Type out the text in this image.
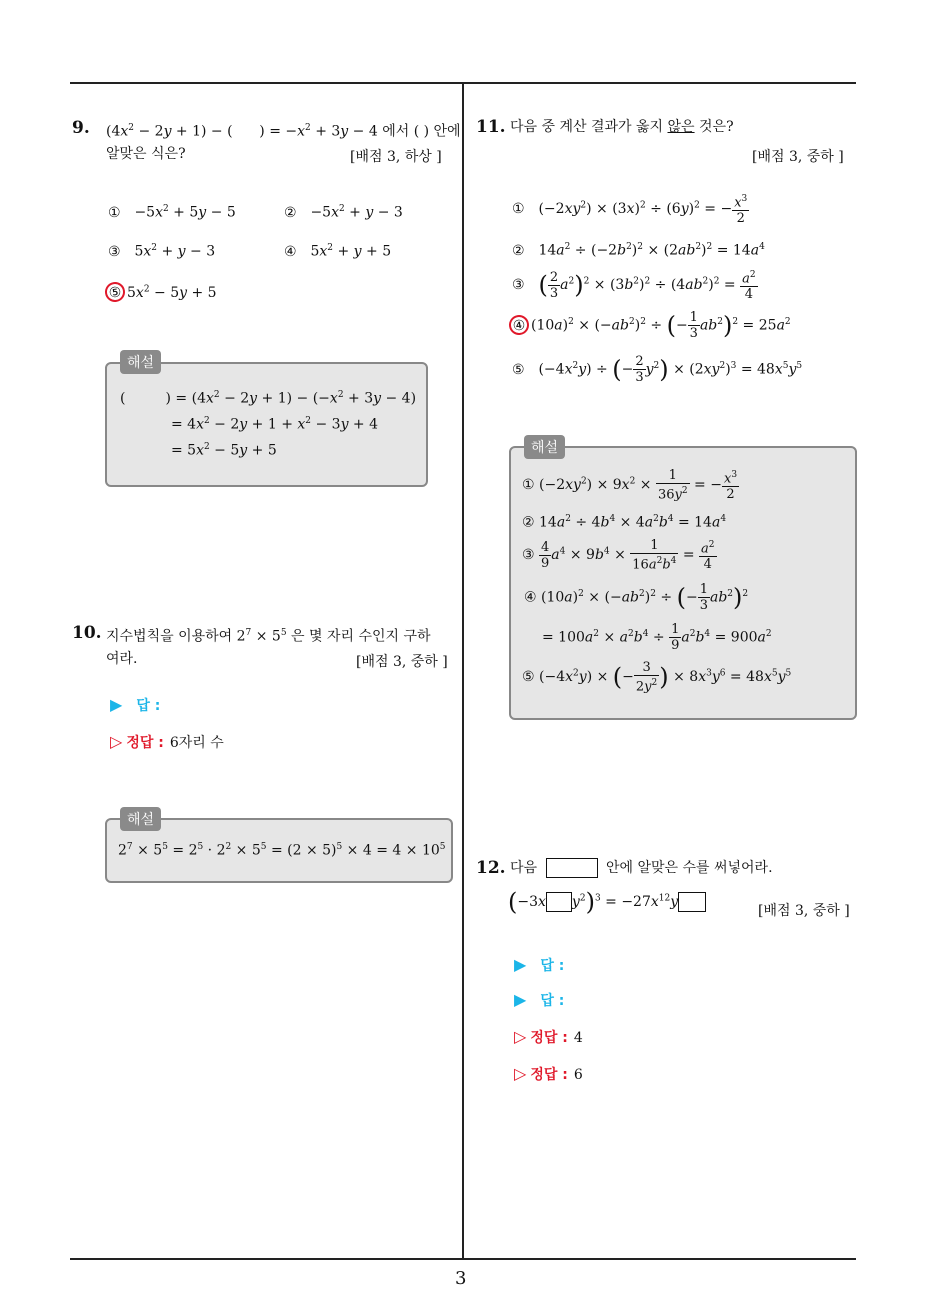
3
9. $(4x^2 - 2y + 1)$ − (      ) = $-x^2 + 3y - 4$ 에서 ( ) 안에
알맞은 식은?	[배점 3, 하상 ]
① $-5x^2 + 5y - 5$	② $-5x^2 + y - 3$
③ $5x^2 + y - 3$	④ $5x^2 + y + 5$
⑤ $5x^2 - 5y + 5$
해설
(         ) = $(4x^2 - 2y + 1) - (-x^2 + 3y - 4)$
= $4x^2 - 2y + 1 + x^2 - 3y + 4$
= $5x^2 - 5y + 5$
10. 지수법칙을 이용하여 $2^7 \times 5^5$ 은 몇 자리 수인지 구하
여라.	[배점 3, 중하 ]
▶ 답 :
▷ 정답 : 6자리 수
해설
$2^7 \times 5^5 = 2^5 \cdot 2^2 \times 5^5 = (2 \times 5)^5 \times 4 = 4 \times 10^5$
11. 다음 중 계산 결과가 옳지 않은 것은?
[배점 3, 중하 ]
① $(-2xy^2) \times (3x)^2 \div (6y)^2$ = − $\frac{x^3}{2}$
② $14a^2 \div (-2b^2)^2 \times (2ab^2)^2 = 14a^4$
③ ( $\frac{2}{3} a^2)^2 \times (3b^2)^2 \div (4ab^2)^2 = \frac{a^2}{4}$
④ $(10a)^2 \times (-ab^2)^2$ ÷ (− $\frac{1}{3} ab^2)^2 = 25a^2$
⑤ $(-4x^2y)$ ÷ (− $\frac{2}{3} y^2) \times (2xy^2)^3 = 48x^5y^5$
해설
① $(-2xy^2) \times 9x^2 \times \frac{1}{36y^2}$ = − $\frac{x^3}{2}$
② $14a^2 \div 4b^4 \times 4a^2b^4 = 14a^4$
③ $\frac{4}{9} a^4 \times 9b^4 \times \frac{1}{16a^2b^4} = \frac{a^2}{4}$
④ $(10a)^2 \times (-ab^2)^2$ ÷ (− $\frac{1}{3} ab^2)^2$
= $100a^2 \times a^2b^4 \div \frac{1}{9} a^2b^4 = 900a^2$
⑤ $(-4x^2y)$ × (− $\frac{3}{2y^2}$ ) × $8x^3y^6 = 48x^5y^5$
12. 다음	안에 알맞은 수를 써넣어라.
(−3x $y^2)^3 = -27x^{12}y$
[배점 3, 중하 ]
▶ 답 :
▶ 답 :
▷ 정답 : 4
▷ 정답 : 6
